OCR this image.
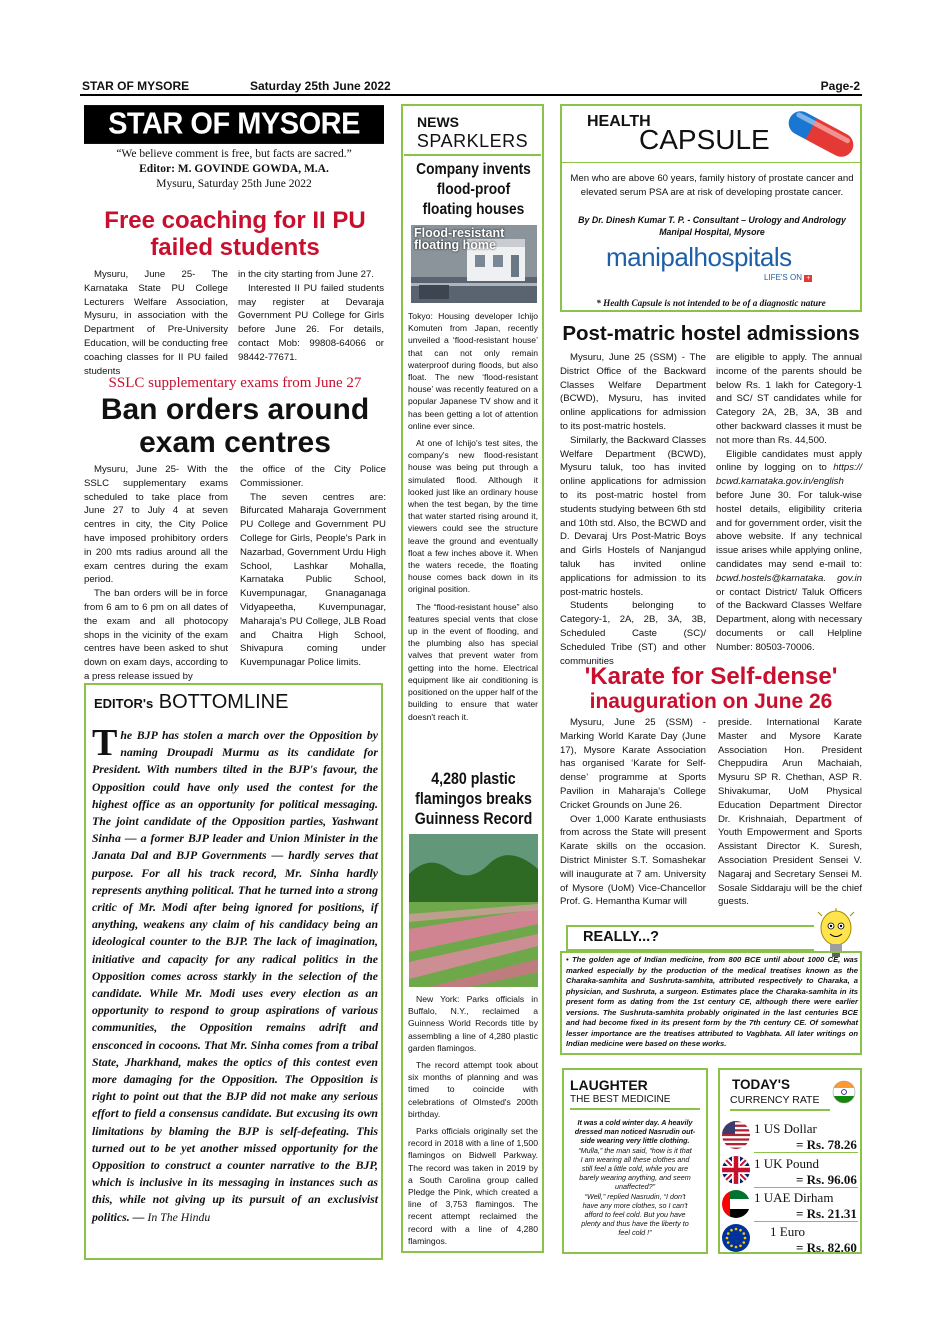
STAR OF MYSORE	Saturday 25th June 2022	Page-2
STAR OF MYSORE
“We believe comment is free, but facts are sacred.”
Editor: M. GOVINDE GOWDA, M.A.
Mysuru, Saturday 25th June 2022
Free coaching for II PU
failed students

Mysuru, June 25- The Karnataka State PU College Lecturers Welfare Association, Mysuru, in association with the Department of Pre-University Education, will be conducting free coaching classes for II PU failed students

in the city starting from June 27.

Interested II PU failed students may register at Devaraja Government PU College for Girls before June 26. For details, contact Mob: 99808-64066 or 98442-77671.

SSLC supplementary exams from June 27
Ban orders around
exam centres

Mysuru, June 25- With the SSLC supplementary exams scheduled to take place from June 27 to July 4 at seven centres in city, the City Police have imposed prohibitory orders in 200 mts radius around all the exam centres during the exam period.

The ban orders will be in force from 6 am to 6 pm on all dates of the exam and all photocopy shops in the vicinity of the exam centres have been asked to shut down on exam days, according to a press release issued by

the office of the City Police Commissioner.

The seven centres are: Bifurcated Maharaja Government PU College and Government PU College for Girls, People's Park in Nazarbad, Government Urdu High School, Lashkar Mohalla, Karnataka Public School, Kuvempunagar, Gnanaganaga Vidyapeetha, Kuvempunagar, Maharaja's PU College, JLB Road and Chaitra High School, Shivapura coming under Kuvempunagar Police limits.

EDITOR's BOTTOMLINE
T he BJP has stolen a march over the Opposition by naming Droupadi Murmu as its candidate for President. With numbers tilted in the BJP's favour, the Opposition could have only used the contest for the highest office as an opportunity for political messaging. The joint candidate of the Opposition parties, Yashwant Sinha — a former BJP leader and Union Minister in the Janata Dal and BJP Governments — hardly serves that purpose. For all his track record, Mr. Sinha hardly represents anything political. That he turned into a strong critic of Mr. Modi after being ignored for positions, if anything, weakens any claim of his candidacy being an ideological counter to the BJP. The lack of imagination, initiative and capacity for any radical politics in the Opposition comes across starkly in the selection of the candidate. While Mr. Modi uses every election as an opportunity to respond to group aspirations of various communities, the Opposition remains adrift and ensconced in cocoons. That Mr. Sinha comes from a tribal State, Jharkhand, makes the optics of this contest even more damaging for the Opposition. The Opposition is right to point out that the BJP did not make any serious effort to field a consensus candidate. But excusing its own limitations by blaming the BJP is self-defeating. This turned out to be yet another missed opportunity for the Opposition to construct a counter narrative to the BJP, which is inclusive in its messaging in instances such as this, while not giving up its pursuit of an exclusivist politics. — In The Hindu
NEWS
SPARKLERS
Company invents flood-proof floating houses
Flood-resistant floating home

Tokyo: Housing developer Ichijo Komuten from Japan, recently unveiled a ‘flood-resistant house’ that can not only remain waterproof during floods, but also float. The new ‘flood-resistant house’ was recently featured on a popular Japanese TV show and it has been getting a lot of attention online ever since.

At one of Ichijo's test sites, the company's new flood-resistant house was being put through a simulated flood. Although it looked just like an ordinary house when the test began, by the time that water started rising around it, viewers could see the structure leave the ground and eventually float a few inches above it. When the waters recede, the floating house comes back down in its original position.

The “flood-resistant house” also features special vents that close up in the event of flooding, and the plumbing also has special valves that prevent water from getting into the home. Electrical equipment like air conditioning is positioned on the upper half of the building to ensure that water doesn't reach it.

4,280 plastic flamingos breaks Guinness Record

New York: Parks officials in Buffalo, N.Y., reclaimed a Guinness World Records title by assembling a line of 4,280 plastic garden flamingos.

The record attempt took about six months of planning and was timed to coincide with celebrations of Olmsted's 200th birthday.

Parks officials originally set the record in 2018 with a line of 1,500 flamingos on Bidwell Parkway. The record was taken in 2019 by a South Carolina group called Pledge the Pink, which created a line of 3,753 flamingos. The recent attempt reclaimed the record with a line of 4,280 flamingos.

HEALTH
CAPSULE
Men who are above 60 years, family history of prostate cancer and elevated serum PSA are at risk of developing prostate cancer.
By Dr. Dinesh Kumar T. P. - Consultant – Urology and Andrology
Manipal Hospital, Mysore
manipalhospitals
LIFE'S ON +
* Health Capsule is not intended to be of a diagnostic nature
Post-matric hostel admissions

Mysuru, June 25 (SSM) - The District Office of the Backward Classes Welfare Department (BCWD), Mysuru, has invited online applications for admission to its post-matric hostels.

Similarly, the Backward Classes Welfare Department (BCWD), Mysuru taluk, too has invited online applications for admission to its post-matric hostel from students studying between 6th std and 10th std. Also, the BCWD and D. Devaraj Urs Post-Matric Boys and Girls Hostels of Nanjangud taluk has invited online applications for admission to its post-matric hostels.

Students belonging to Category-1, 2A, 2B, 3A, 3B, Scheduled Caste (SC)/ Scheduled Tribe (ST) and other communities

are eligible to apply. The annual income of the parents should be below Rs. 1 lakh for Category-1 and SC/ ST candidates while for Category 2A, 2B, 3A, 3B and other backward classes it must be not more than Rs. 44,500.

Eligible candidates must apply online by logging on to https:// bcwd.karnataka.gov.in/english before June 30. For taluk-wise hostel details, eligibility criteria and for government order, visit the above website. If any technical issue arises while applying online, candidates may send e-mail to: bcwd.hostels@karnataka. gov.in or contact District/ Taluk Officers of the Backward Classes Welfare Department, along with necessary documents or call Helpline Number: 80503-70006.

'Karate for Self-dense'
inauguration on June 26

Mysuru, June 25 (SSM) - Marking World Karate Day (June 17), Mysore Karate Association has organised ‘Karate for Self-dense’ programme at Sports Pavilion in Maharaja's College Cricket Grounds on June 26.

Over 1,000 Karate enthusiasts from across the State will present Karate skills on the occasion. District Minister S.T. Somashekar will inaugurate at 7 am. University of Mysore (UoM) Vice-Chancellor Prof. G. Hemantha Kumar will

preside. International Karate Master and Mysore Karate Association Hon. President Cheppudira Arun Machaiah, Mysuru SP R. Chethan, ASP R. Shivakumar, UoM Physical Education Department Director Dr. Krishnaiah, Department of Youth Empowerment and Sports Assistant Director K. Suresh, Association President Sensei V. Nagaraj and Secretary Sensei M. Sosale Siddaraju will be the chief guests.

REALLY...?
• The golden age of Indian medicine, from 800 BCE until about 1000 CE, was marked especially by the production of the medical treatises known as the Charaka-samhita and Sushruta-samhita, attributed respectively to Charaka, a physician, and Sushruta, a surgeon. Estimates place the Charaka-samhita in its present form as dating from the 1st century CE, although there were earlier versions. The Sushruta-samhita probably originated in the last centuries BCE and had become fixed in its present form by the 7th century CE. Of somewhat lesser importance are the treatises attributed to Vagbhata. All later writings on Indian medicine were based on these works.
LAUGHTER
THE BEST MEDICINE
It was a cold winter day. A heavily
dressed man noticed Nasrudin out-
side wearing very little clothing.
“Mulla,” the man said, “how is it that
I am wearing all these clothes and
still feel a little cold, while you are
barely wearing anything, and seem
unaffected?”
“Well,” replied Nasrudin, “I don't
have any more clothes, so I can't
afford to feel cold. But you have
plenty and thus have the liberty to
feel cold !”
TODAY'S
CURRENCY RATE
1 US Dollar
= Rs. 78.26
1 UK Pound
= Rs. 96.06
1 UAE Dirham
= Rs. 21.31
1 Euro
= Rs. 82.60
